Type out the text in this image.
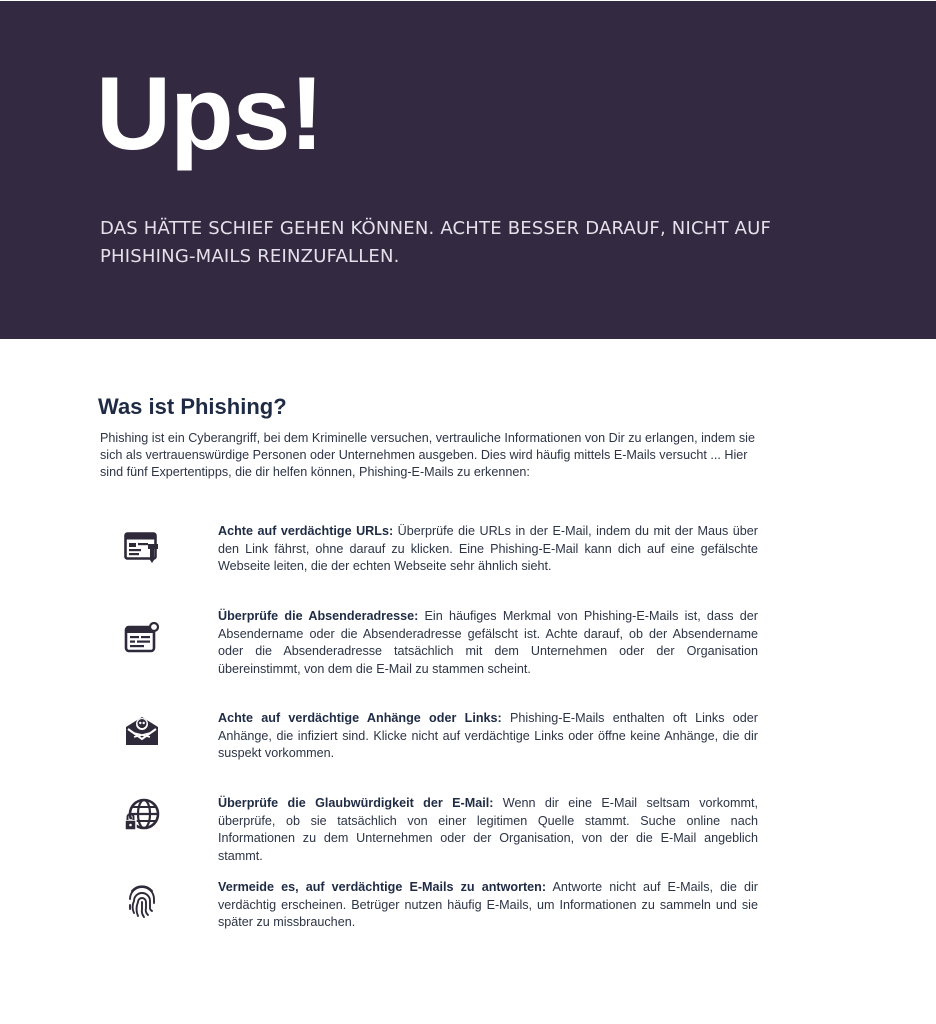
Ups!
DAS HÄTTE SCHIEF GEHEN KÖNNEN. ACHTE BESSER DARAUF, NICHT AUF PHISHING-MAILS REINZUFALLEN.
Was ist Phishing?

Phishing ist ein Cyberangriff, bei dem Kriminelle versuchen, vertrauliche Informationen von Dir zu erlangen, indem sie sich als vertrauenswürdige Personen oder Unternehmen ausgeben. Dies wird häufig mittels E-Mails versucht ... Hier sind fünf Expertentipps, die dir helfen können, Phishing-E-Mails zu erkennen:

Achte auf verdächtige URLs: Überprüfe die URLs in der E-Mail, indem du mit der Maus über den Link fährst, ohne darauf zu klicken. Eine Phishing-E-Mail kann dich auf eine gefälschte Webseite leiten, die der echten Webseite sehr ähnlich sieht.
Überprüfe die Absenderadresse: Ein häufiges Merkmal von Phishing-E-Mails ist, dass der Absendername oder die Absenderadresse gefälscht ist. Achte darauf, ob der Absendername oder die Absenderadresse tatsächlich mit dem Unternehmen oder der Organisation übereinstimmt, von dem die E-Mail zu stammen scheint.
Achte auf verdächtige Anhänge oder Links: Phishing-E-Mails enthalten oft Links oder Anhänge, die infiziert sind. Klicke nicht auf verdächtige Links oder öffne keine Anhänge, die dir suspekt vorkommen.
Überprüfe die Glaubwürdigkeit der E-Mail: Wenn dir eine E-Mail seltsam vorkommt, überprüfe, ob sie tatsächlich von einer legitimen Quelle stammt. Suche online nach Informationen zu dem Unternehmen oder der Organisation, von der die E-Mail angeblich stammt.
Vermeide es, auf verdächtige E-Mails zu antworten: Antworte nicht auf E-Mails, die dir verdächtig erscheinen. Betrüger nutzen häufig E-Mails, um Informationen zu sammeln und sie später zu missbrauchen.
